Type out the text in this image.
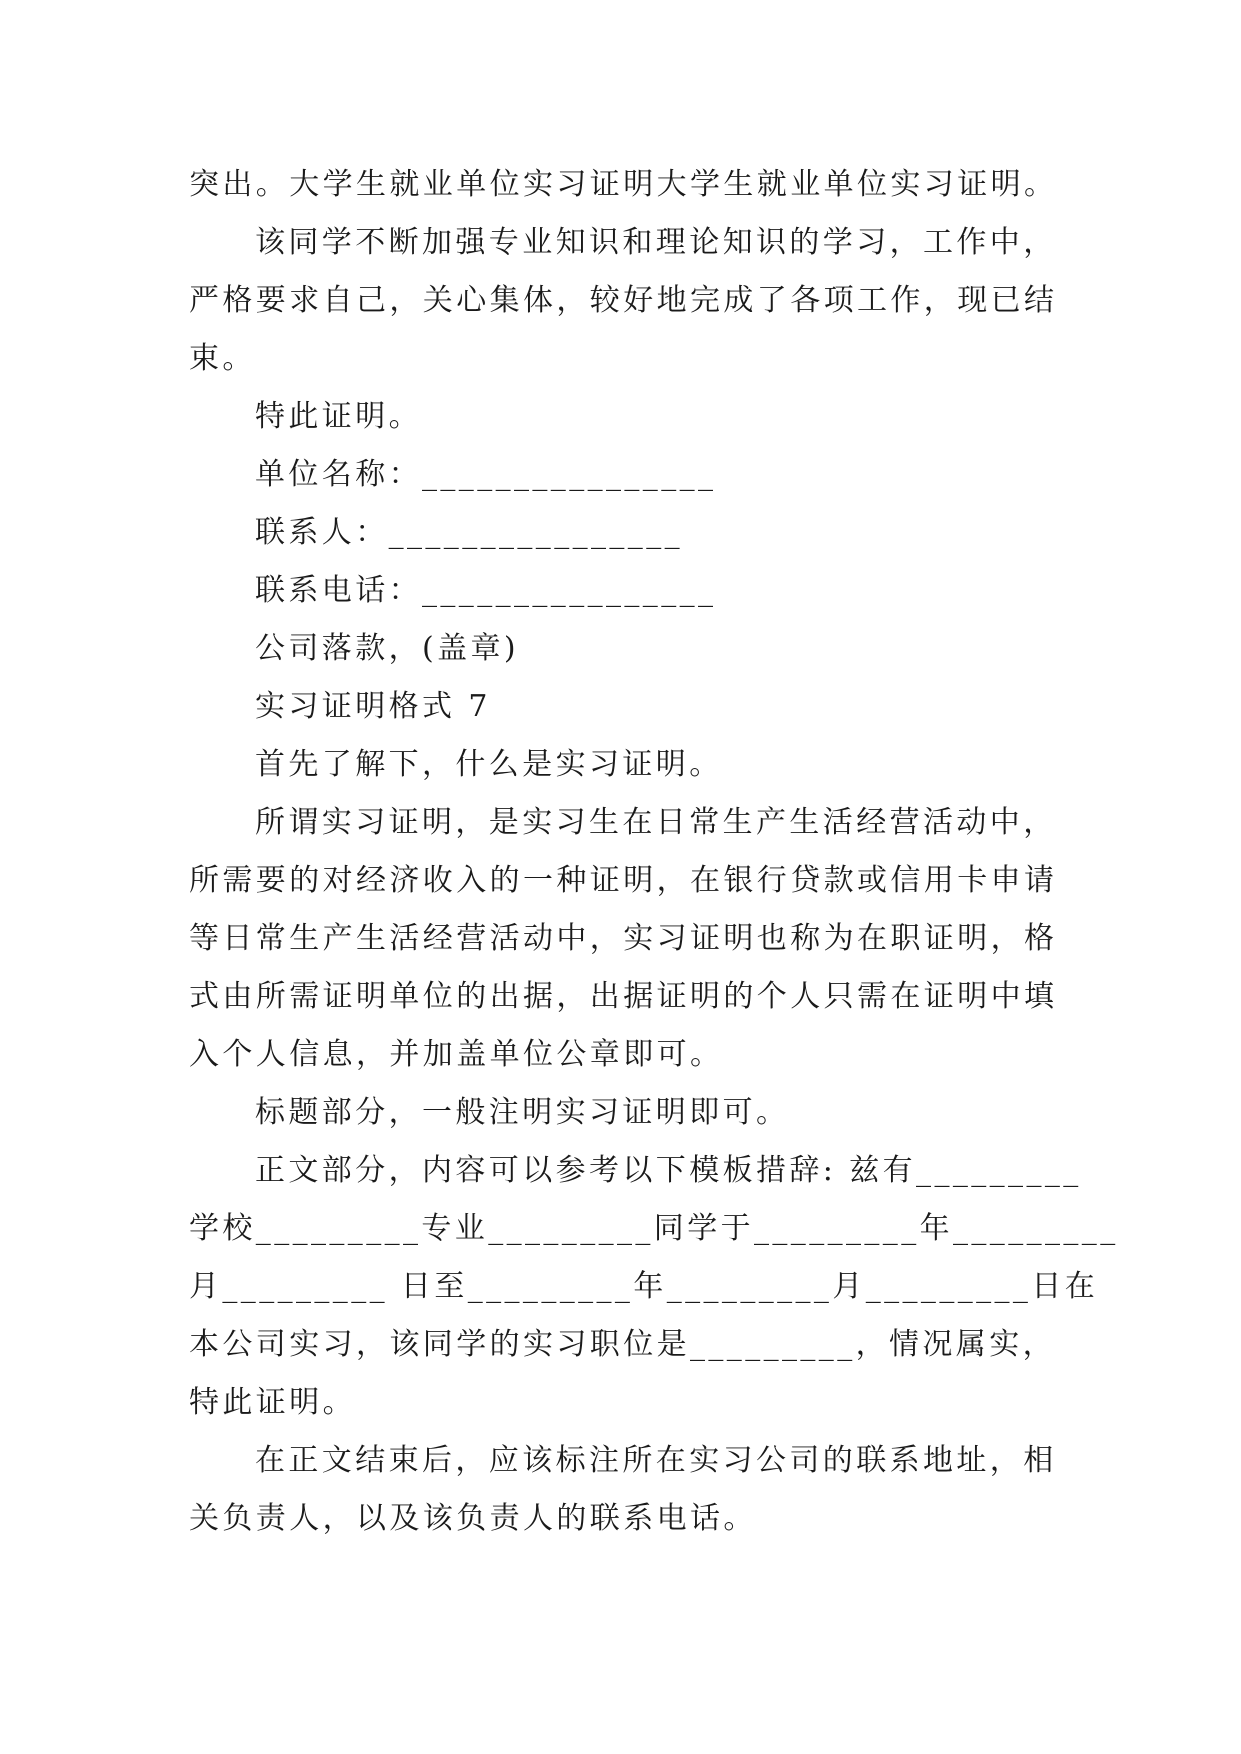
突出。大学生就业单位实习证明大学生就业单位实习证明。
该同学不断加强专业知识和理论知识的学习，工作中，
严格要求自己，关心集体，较好地完成了各项工作，现已结
束。
特此证明。
单位名称：________________
联系人：________________
联系电话：________________
公司落款，(盖章)
实习证明格式 7
首先了解下，什么是实习证明。
所谓实习证明，是实习生在日常生产生活经营活动中，
所需要的对经济收入的一种证明，在银行贷款或信用卡申请
等日常生产生活经营活动中，实习证明也称为在职证明，格
式由所需证明单位的出据，出据证明的个人只需在证明中填
入个人信息，并加盖单位公章即可。
标题部分，一般注明实习证明即可。
正文部分，内容可以参考以下模板措辞: 兹有_________
学校_________专业_________同学于_________年_________
月_________ 日至_________年_________月_________日在
本公司实习，该同学的实习职位是_________，情况属实，
特此证明。
在正文结束后，应该标注所在实习公司的联系地址，相
关负责人，以及该负责人的联系电话。
